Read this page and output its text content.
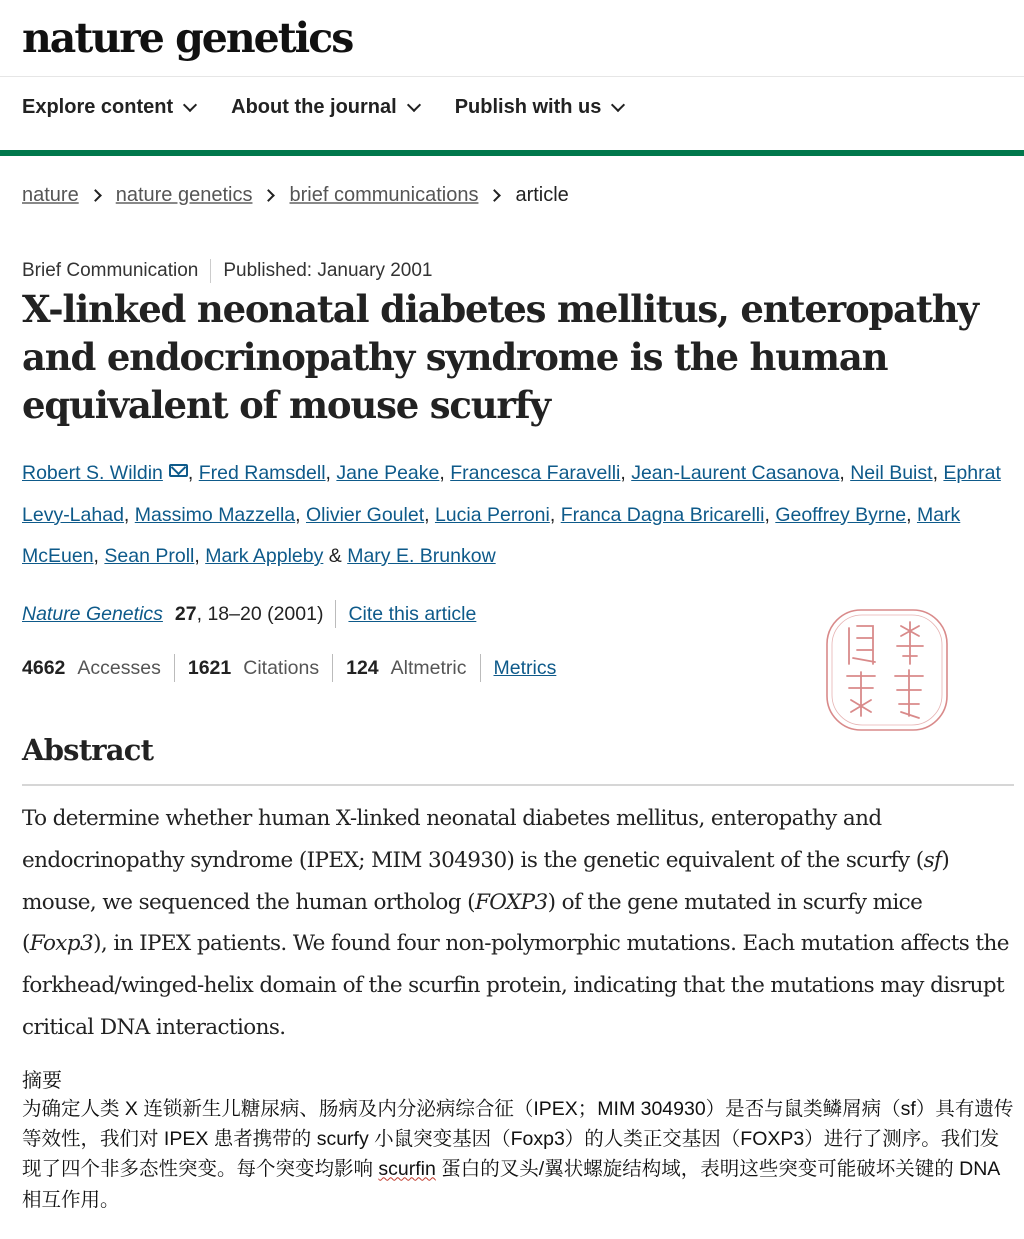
nature genetics
Explore content	About the journal	Publish with us
nature nature genetics brief communications article
Brief Communication Published: January 2001
X-linked neonatal diabetes mellitus, enteropathy and endocrinopathy syndrome is the human equivalent of mouse scurfy
Robert S. Wildin , Fred Ramsdell, Jane Peake, Francesca Faravelli, Jean-Laurent Casanova, Neil Buist, Ephrat Levy-Lahad, Massimo Mazzella, Olivier Goulet, Lucia Perroni, Franca Dagna Bricarelli, Geoffrey Byrne, Mark McEuen, Sean Proll, Mark Appleby & Mary E. Brunkow
Nature Genetics 27 , 18–20 (2001) Cite this article
4662 Accesses 1621 Citations 124 Altmetric Metrics
Abstract

To determine whether human X-linked neonatal diabetes mellitus, enteropathy and endocrinopathy syndrome (IPEX; MIM 304930) is the genetic equivalent of the scurfy (sf) mouse, we sequenced the human ortholog (FOXP3) of the gene mutated in scurfy mice (Foxp3), in IPEX patients. We found four non-polymorphic mutations. Each mutation affects the forkhead/winged-helix domain of the scurfin protein, indicating that the mutations may disrupt critical DNA interactions.

摘要

为确定人类 X 连锁新生儿糖尿病、肠病及内分泌病综合征（IPEX；MIM 304930）是否与鼠类鳞屑病（sf）具有遗传等效性，我们对 IPEX 患者携带的 scurfy 小鼠突变基因（Foxp3）的人类正交基因（FOXP3）进行了测序。我们发现了四个非多态性突变。每个突变均影响 scurfin 蛋白的叉头/翼状螺旋结构域，表明这些突变可能破坏关键的 DNA 相互作用。
